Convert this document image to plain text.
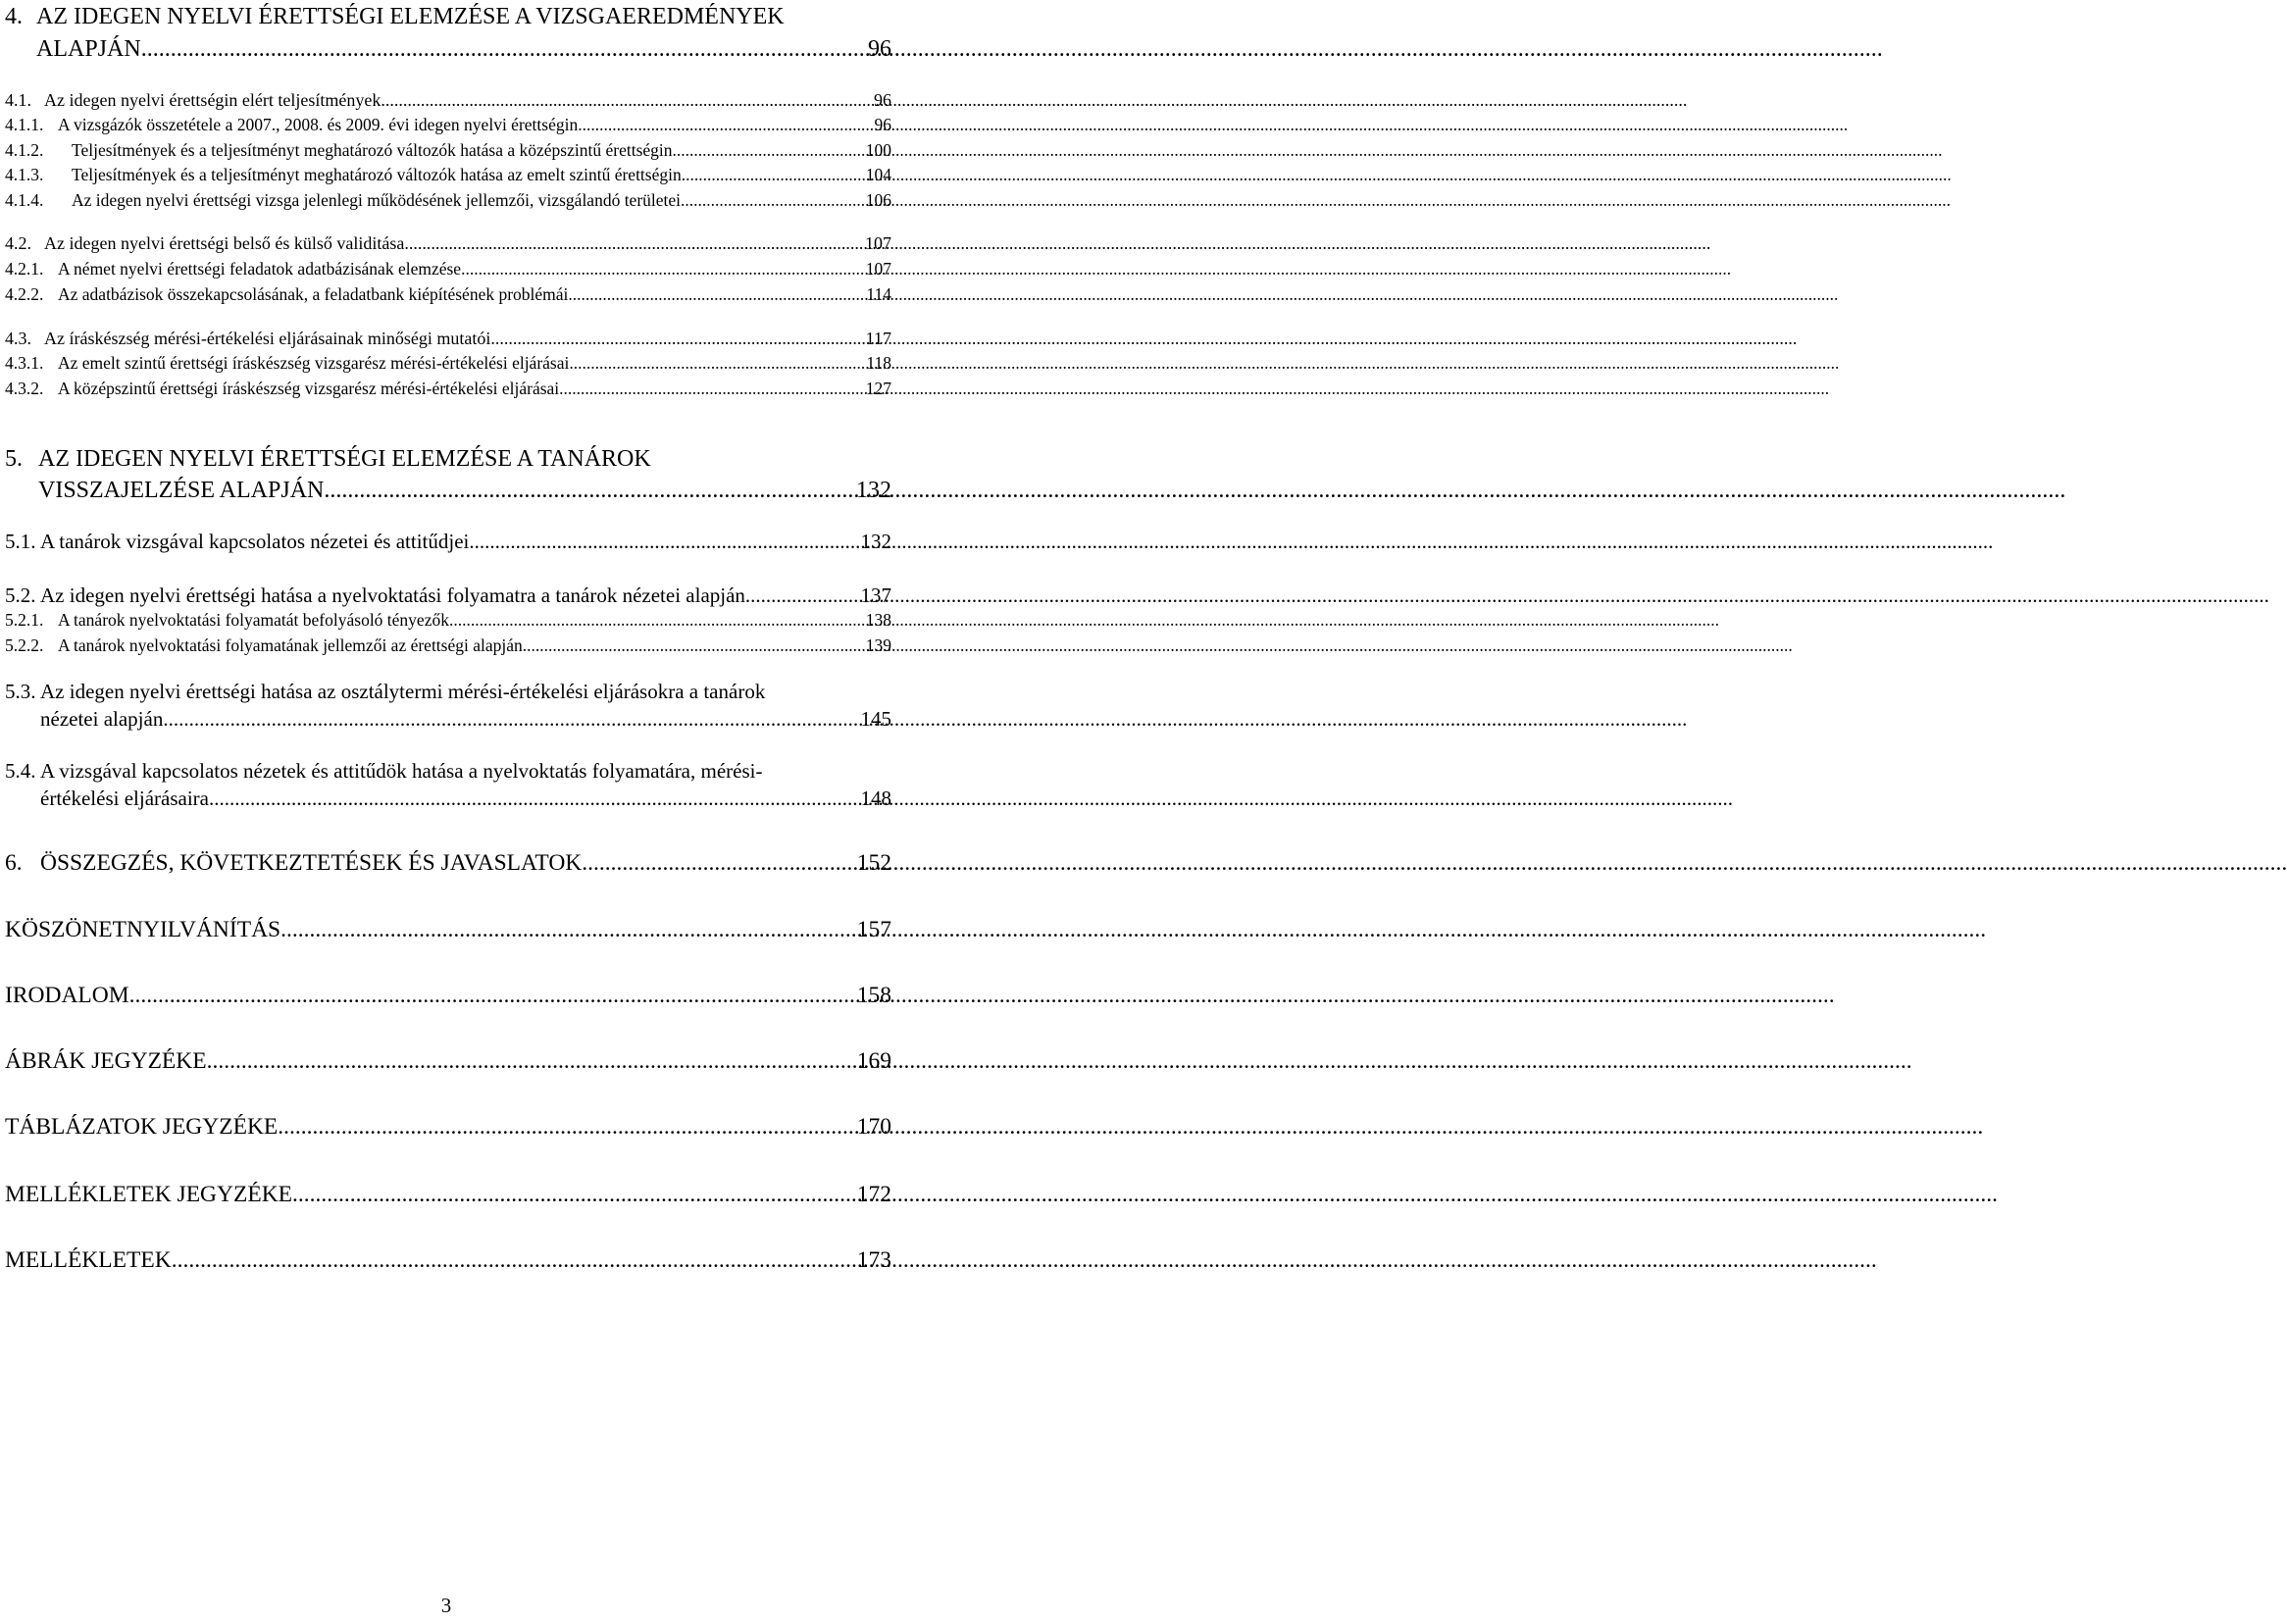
4. AZ IDEGEN NYELVI ÉRETTSÉGI ELEMZÉSE A VIZSGAEREDMÉNYEK
ALAPJÁN .....	96
4.1. Az idegen nyelvi érettségin elért teljesítmények .....	96
4.1.1. A vizsgázók összetétele a 2007., 2008. és 2009. évi idegen nyelvi érettségin .....	96
4.1.2.	Teljesítmények és a teljesítményt meghatározó változók hatása a középszintű érettségin .....	100
4.1.3.	Teljesítmények és a teljesítményt meghatározó változók hatása az emelt szintű érettségin .....	104
4.1.4.	Az idegen nyelvi érettségi vizsga jelenlegi működésének jellemzői, vizsgálandó területei .....	106
4.2. Az idegen nyelvi érettségi belső és külső validitása .....	107
4.2.1. A német nyelvi érettségi feladatok adatbázisának elemzése .....	107
4.2.2. Az adatbázisok összekapcsolásának, a feladatbank kiépítésének problémái .....	114
4.3. Az íráskészség mérési-értékelési eljárásainak minőségi mutatói .....	117
4.3.1. Az emelt szintű érettségi íráskészség vizsgarész mérési-értékelési eljárásai .....	118
4.3.2. A középszintű érettségi íráskészség vizsgarész mérési-értékelési eljárásai .....	127
5. AZ IDEGEN NYELVI ÉRETTSÉGI ELEMZÉSE A TANÁROK
VISSZAJELZÉSE ALAPJÁN .....	132
5.1. A tanárok vizsgával kapcsolatos nézetei és attitűdjei .....	132
5.2. Az idegen nyelvi érettségi hatása a nyelvoktatási folyamatra a tanárok nézetei alapján .....	137
5.2.1. A tanárok nyelvoktatási folyamatát befolyásoló tényezők .....	138
5.2.2. A tanárok nyelvoktatási folyamatának jellemzői az érettségi alapján .....	139
5.3. Az idegen nyelvi érettségi hatása az osztálytermi mérési-értékelési eljárásokra a tanárok
nézetei alapján .....	145
5.4. A vizsgával kapcsolatos nézetek és attitűdök hatása a nyelvoktatás folyamatára, mérési-
értékelési eljárásaira .....	148
6. ÖSSZEGZÉS, KÖVETKEZTETÉSEK ÉS JAVASLATOK .....	152
KÖSZÖNETNYILVÁNÍTÁS .....	157
IRODALOM .....	158
ÁBRÁK JEGYZÉKE .....	169
TÁBLÁZATOK JEGYZÉKE .....	170
MELLÉKLETEK JEGYZÉKE .....	172
MELLÉKLETEK .....	173
3
